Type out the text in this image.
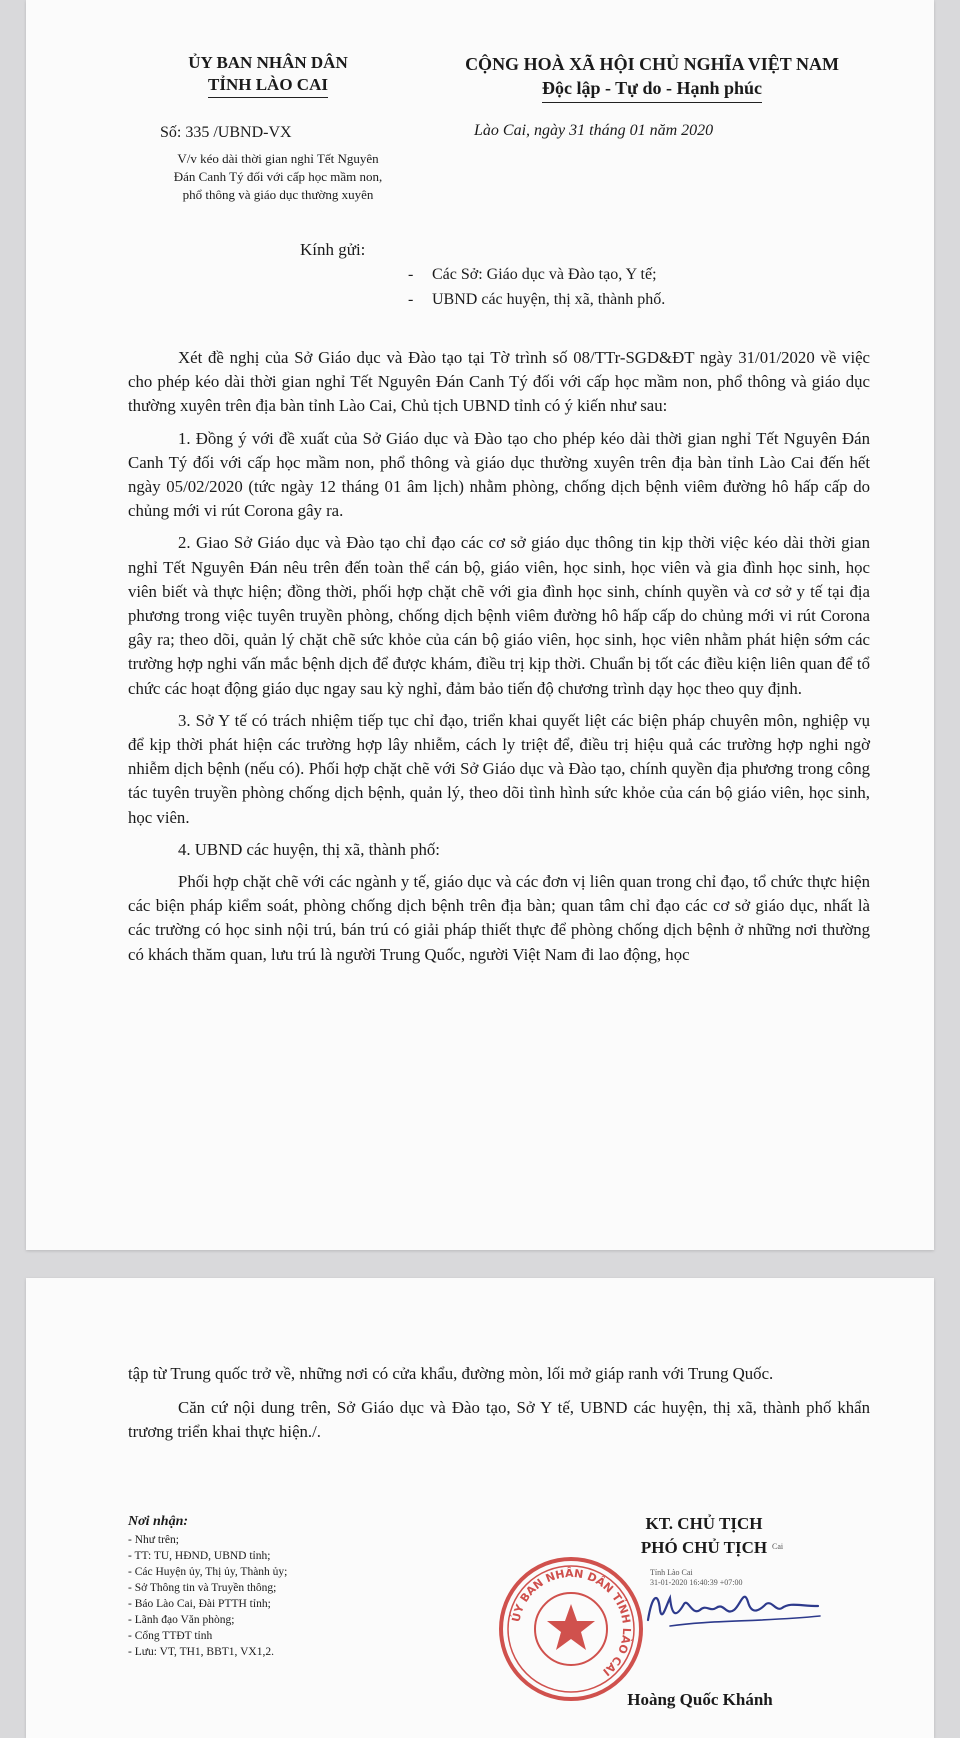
ỦY BAN NHÂN DÂN
TỈNH LÀO CAI
CỘNG HOÀ XÃ HỘI CHỦ NGHĨA VIỆT NAM
Độc lập - Tự do - Hạnh phúc
Số: 335 /UBND-VX	Lào Cai, ngày 31 tháng 01 năm 2020
V/v kéo dài thời gian nghỉ Tết Nguyên
Đán Canh Tý đối với cấp học mầm non,
phổ thông và giáo dục thường xuyên
Kính gửi:
- Các Sở: Giáo dục và Đào tạo, Y tế;
- UBND các huyện, thị xã, thành phố.

Xét đề nghị của Sở Giáo dục và Đào tạo tại Tờ trình số 08/TTr-SGD&ĐT ngày 31/01/2020 về việc cho phép kéo dài thời gian nghỉ Tết Nguyên Đán Canh Tý đối với cấp học mầm non, phổ thông và giáo dục thường xuyên trên địa bàn tỉnh Lào Cai, Chủ tịch UBND tỉnh có ý kiến như sau:

1. Đồng ý với đề xuất của Sở Giáo dục và Đào tạo cho phép kéo dài thời gian nghỉ Tết Nguyên Đán Canh Tý đối với cấp học mầm non, phổ thông và giáo dục thường xuyên trên địa bàn tỉnh Lào Cai đến hết ngày 05/02/2020 (tức ngày 12 tháng 01 âm lịch) nhằm phòng, chống dịch bệnh viêm đường hô hấp cấp do chủng mới vi rút Corona gây ra.

2. Giao Sở Giáo dục và Đào tạo chỉ đạo các cơ sở giáo dục thông tin kịp thời việc kéo dài thời gian nghỉ Tết Nguyên Đán nêu trên đến toàn thể cán bộ, giáo viên, học sinh, học viên và gia đình học sinh, học viên biết và thực hiện; đồng thời, phối hợp chặt chẽ với gia đình học sinh, chính quyền và cơ sở y tế tại địa phương trong việc tuyên truyền phòng, chống dịch bệnh viêm đường hô hấp cấp do chủng mới vi rút Corona gây ra; theo dõi, quản lý chặt chẽ sức khỏe của cán bộ giáo viên, học sinh, học viên nhằm phát hiện sớm các trường hợp nghi vấn mắc bệnh dịch để được khám, điều trị kịp thời. Chuẩn bị tốt các điều kiện liên quan để tổ chức các hoạt động giáo dục ngay sau kỳ nghỉ, đảm bảo tiến độ chương trình dạy học theo quy định.

3. Sở Y tế có trách nhiệm tiếp tục chỉ đạo, triển khai quyết liệt các biện pháp chuyên môn, nghiệp vụ để kịp thời phát hiện các trường hợp lây nhiễm, cách ly triệt để, điều trị hiệu quả các trường hợp nghi ngờ nhiễm dịch bệnh (nếu có). Phối hợp chặt chẽ với Sở Giáo dục và Đào tạo, chính quyền địa phương trong công tác tuyên truyền phòng chống dịch bệnh, quản lý, theo dõi tình hình sức khỏe của cán bộ giáo viên, học sinh, học viên.

4. UBND các huyện, thị xã, thành phố:

Phối hợp chặt chẽ với các ngành y tế, giáo dục và các đơn vị liên quan trong chỉ đạo, tổ chức thực hiện các biện pháp kiểm soát, phòng chống dịch bệnh trên địa bàn; quan tâm chỉ đạo các cơ sở giáo dục, nhất là các trường có học sinh nội trú, bán trú có giải pháp thiết thực để phòng chống dịch bệnh ở những nơi thường có khách thăm quan, lưu trú là người Trung Quốc, người Việt Nam đi lao động, học

tập từ Trung quốc trở về, những nơi có cửa khẩu, đường mòn, lối mở giáp ranh với Trung Quốc.

Căn cứ nội dung trên, Sở Giáo dục và Đào tạo, Sở Y tế, UBND các huyện, thị xã, thành phố khẩn trương triển khai thực hiện./.

Nơi nhận:
- Như trên;
- TT: TU, HĐND, UBND tỉnh;
- Các Huyện ủy, Thị ủy, Thành ủy;
- Sở Thông tin và Truyền thông;
- Báo Lào Cai, Đài PTTH tỉnh;
- Lãnh đạo Văn phòng;
- Cổng TTĐT tỉnh
- Lưu: VT, TH1, BBT1, VX1,2.
ỦY BAN NHÂN DÂN TỈNH LÀO CAI
KT. CHỦ TỊCH
PHÓ CHỦ TỊCH Cai
Tỉnh Lào Cai
31-01-2020 16:40:39 +07:00
Hoàng Quốc Khánh
